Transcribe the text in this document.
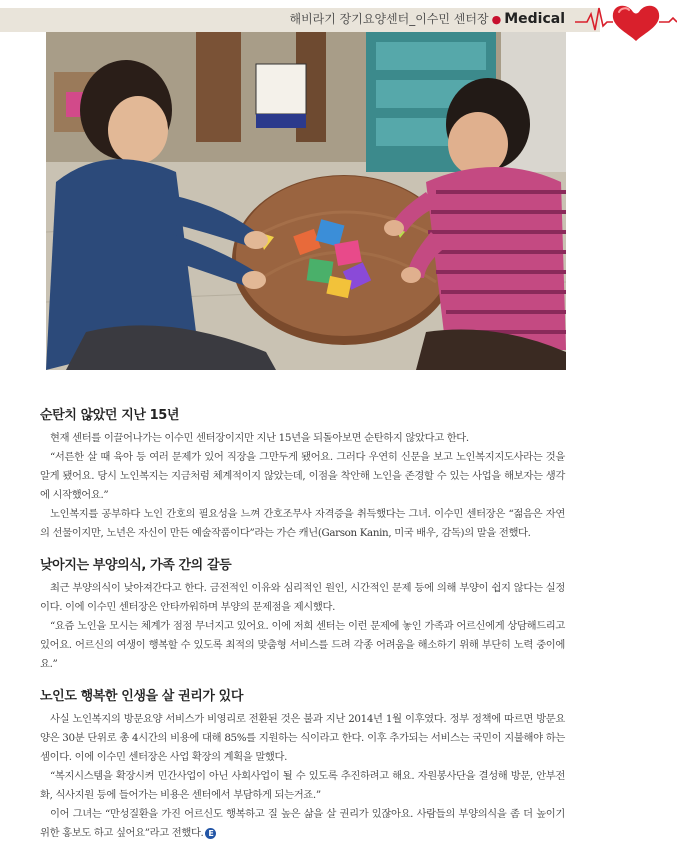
해비라기 장기요양센터_이수민 센터장 ● Medical
순탄치 않았던 지난 15년

현재 센터를 이끌어나가는 이수민 센터장이지만 지난 15년을 되돌아보면 순탄하지 않았다고 한다.

“서른한 살 때 육아 등 여러 문제가 있어 직장을 그만두게 됐어요. 그러다 우연히 신문을 보고 노인복지지도사라는 것을 알게 됐어요. 당시 노인복지는 지금처럼 체계적이지 않았는데, 이점을 착안해 노인을 존경할 수 있는 사업을 해보자는 생각에 시작했어요.”

노인복지를 공부하다 노인 간호의 필요성을 느껴 간호조무사 자격증을 취득했다는 그녀. 이수민 센터장은 “젊음은 자연의 선물이지만, 노년은 자신이 만든 예술작품이다”라는 가슨 캐닌(Garson Kanin, 미국 배우, 감독)의 말을 전했다.

낮아지는 부양의식, 가족 간의 갈등

최근 부양의식이 낮아져간다고 한다. 금전적인 이유와 심리적인 원인, 시간적인 문제 등에 의해 부양이 쉽지 않다는 실정이다. 이에 이수민 센터장은 안타까워하며 부양의 문제점을 제시했다.

“요즘 노인을 모시는 체계가 점점 무너지고 있어요. 이에 저희 센터는 이런 문제에 놓인 가족과 어르신에게 상담해드리고 있어요. 어르신의 여생이 행복할 수 있도록 최적의 맞춤형 서비스를 드려 각종 어려움을 해소하기 위해 부단히 노력 중이에요.”

노인도 행복한 인생을 살 권리가 있다

사실 노인복지의 방문요양 서비스가 비영리로 전환된 것은 불과 지난 2014년 1월 이후였다. 정부 정책에 따르면 방문요양은 30분 단위로 총 4시간의 비용에 대해 85%를 지원하는 식이라고 한다. 이후 추가되는 서비스는 국민이 지불해야 하는 셈이다. 이에 이수민 센터장은 사업 확장의 계획을 말했다.

“복지시스템을 확장시켜 민간사업이 아닌 사회사업이 될 수 있도록 추진하려고 해요. 자원봉사단을 결성해 방문, 안부전화, 식사지원 등에 들어가는 비용은 센터에서 부담하게 되는거죠.”

이어 그녀는 “만성질환을 가진 어르신도 행복하고 질 높은 삶을 살 권리가 있잖아요. 사람들의 부양의식을 좀 더 높이기 위한 홍보도 하고 싶어요”라고 전했다. E
